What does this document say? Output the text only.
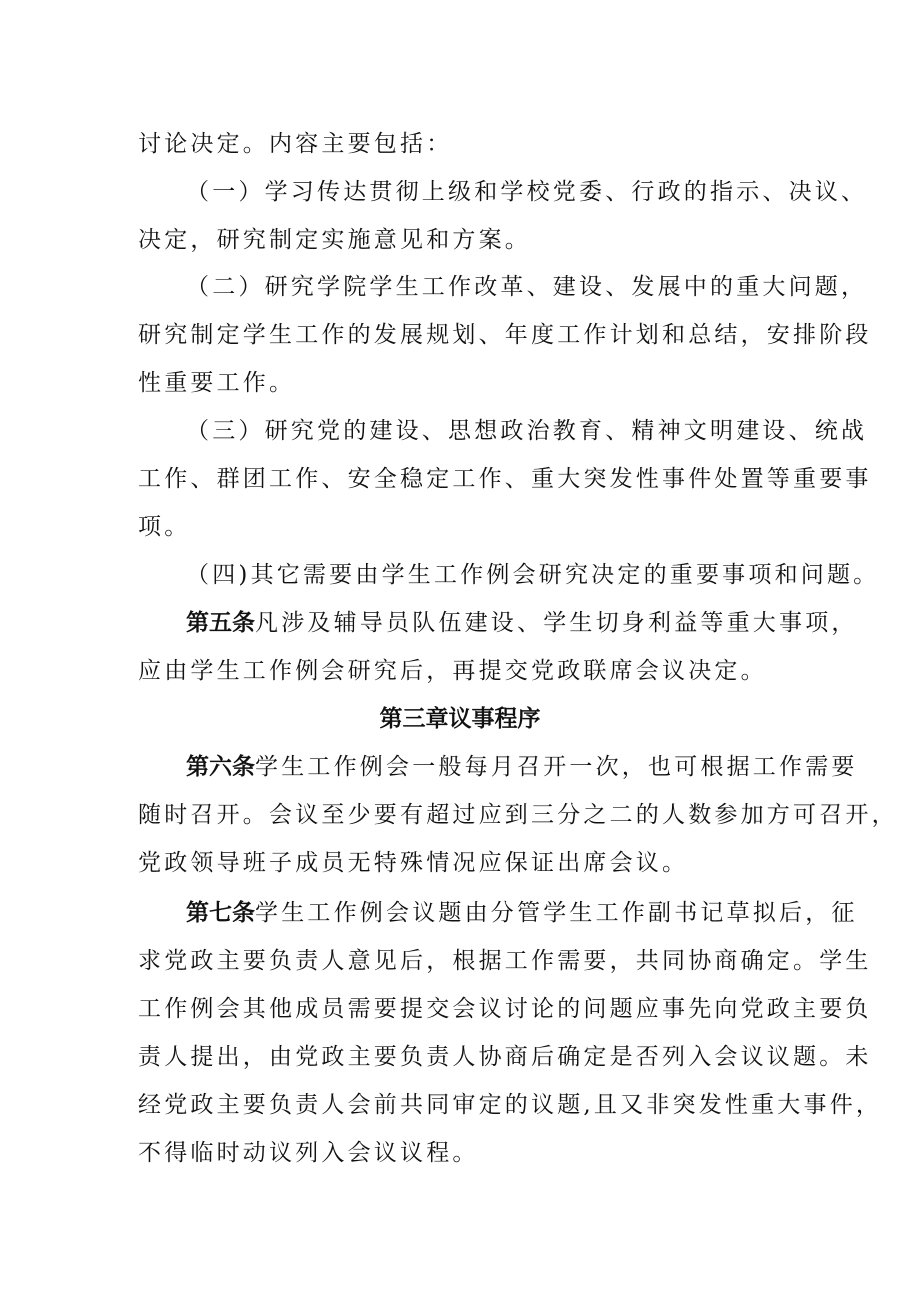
讨论决定。内容主要包括：
（一）学习传达贯彻上级和学校党委、行政的指示、决议、
决定，研究制定实施意见和方案。
（二）研究学院学生工作改革、建设、发展中的重大问题，
研究制定学生工作的发展规划、年度工作计划和总结，安排阶段
性重要工作。
（三）研究党的建设、思想政治教育、精神文明建设、统战
工作、群团工作、安全稳定工作、重大突发性事件处置等重要事
项。
（四)其它需要由学生工作例会研究决定的重要事项和问题。
第五条凡涉及辅导员队伍建设、学生切身利益等重大事项，
应由学生工作例会研究后，再提交党政联席会议决定。
第三章议事程序
第六条学生工作例会一般每月召开一次，也可根据工作需要
随时召开。会议至少要有超过应到三分之二的人数参加方可召开，
党政领导班子成员无特殊情况应保证出席会议。
第七条学生工作例会议题由分管学生工作副书记草拟后，征
求党政主要负责人意见后，根据工作需要，共同协商确定。学生
工作例会其他成员需要提交会议讨论的问题应事先向党政主要负
责人提出，由党政主要负责人协商后确定是否列入会议议题。未
经党政主要负责人会前共同审定的议题,且又非突发性重大事件，
不得临时动议列入会议议程。
